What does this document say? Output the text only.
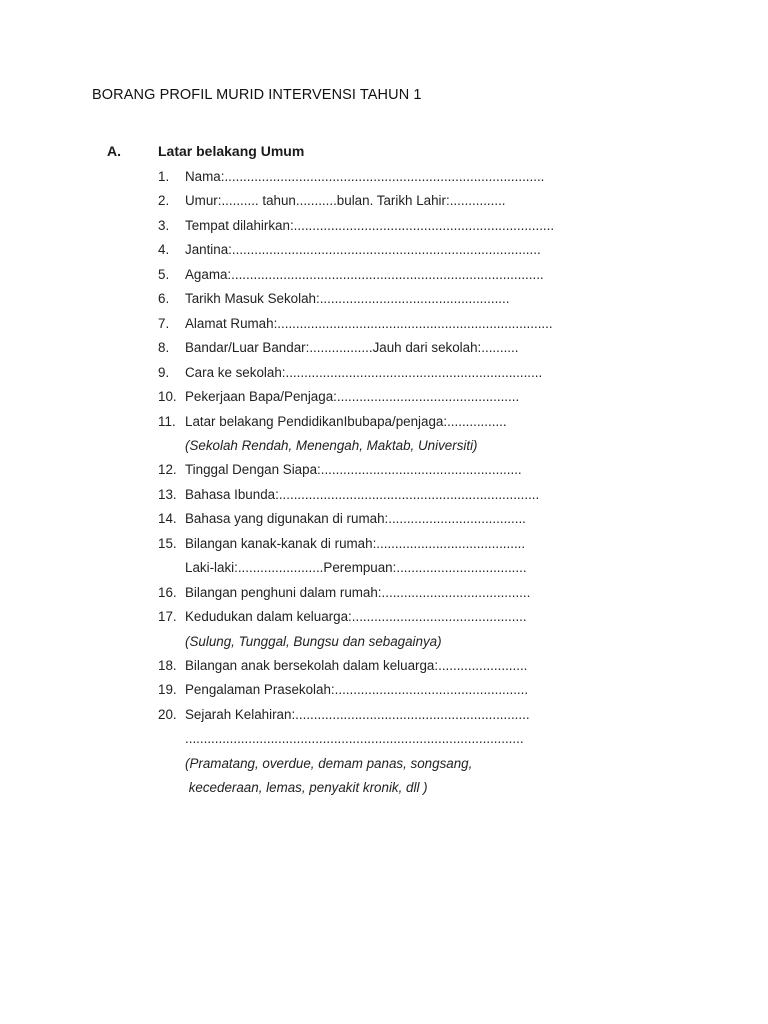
BORANG PROFIL MURID INTERVENSI TAHUN 1
A.	Latar belakang Umum
1. Nama:......................................................................................
2. Umur:.......... tahun...........bulan. Tarikh Lahir:...............
3. Tempat dilahirkan:......................................................................
4. Jantina:...................................................................................
5. Agama:....................................................................................
6. Tarikh Masuk Sekolah:...................................................
7. Alamat Rumah:..........................................................................
8. Bandar/Luar Bandar:.................Jauh dari sekolah:..........
9. Cara ke sekolah:.....................................................................
10. Pekerjaan Bapa/Penjaga:.................................................
11. Latar belakang PendidikanIbubapa/penjaga:................
(Sekolah Rendah, Menengah, Maktab, Universiti)
12. Tinggal Dengan Siapa:......................................................
13. Bahasa Ibunda:......................................................................
14. Bahasa yang digunakan di rumah:.....................................
15. Bilangan kanak-kanak di rumah:........................................
Laki-laki:.......................Perempuan:...................................
16. Bilangan penghuni dalam rumah:........................................
17. Kedudukan dalam keluarga:...............................................
(Sulung, Tunggal, Bungsu dan sebagainya)
18. Bilangan anak bersekolah dalam keluarga:........................
19. Pengalaman Prasekolah:....................................................
20. Sejarah Kelahiran:...............................................................
...........................................................................................
(Pramatang, overdue, demam panas, songsang,
kecederaan, lemas, penyakit kronik, dll )
